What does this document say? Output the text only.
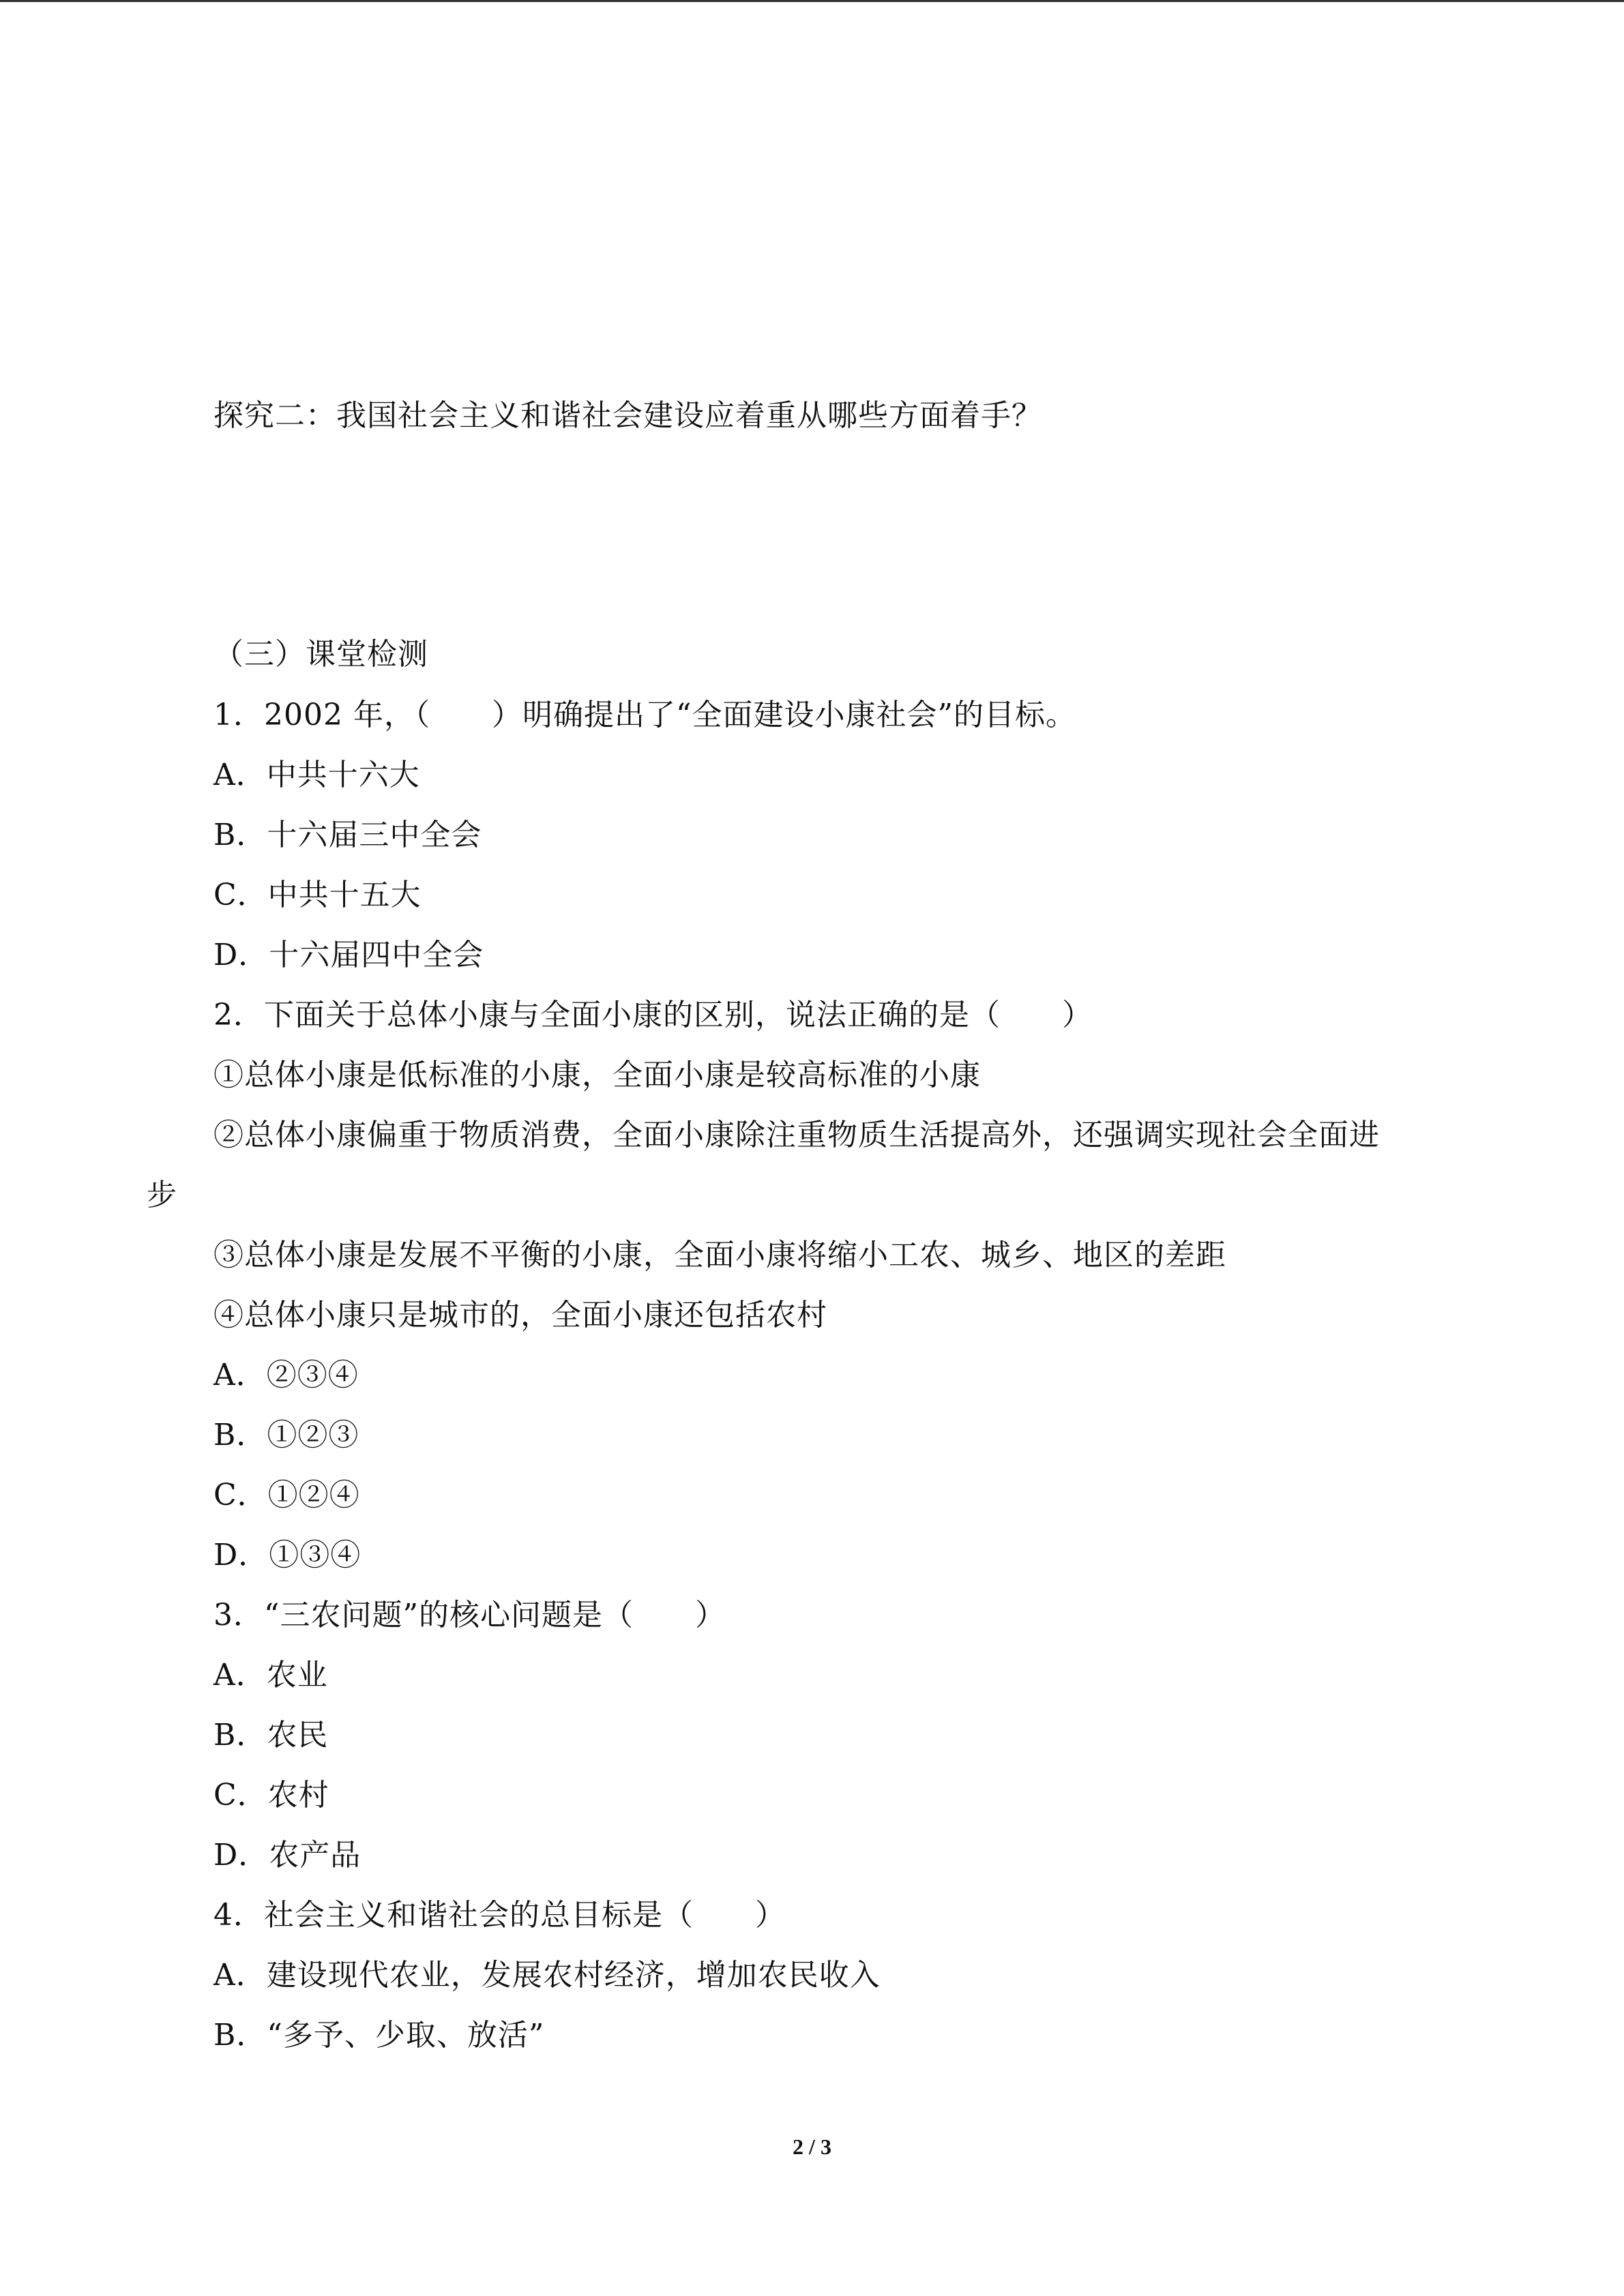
探究二：我国社会主义和谐社会建设应着重从哪些方面着手？
（三）课堂检测
1．2002 年，（　　）明确提出了“全面建设小康社会”的目标。
A．中共十六大
B．十六届三中全会
C．中共十五大
D．十六届四中全会
2．下面关于总体小康与全面小康的区别，说法正确的是（　　）
①总体小康是低标准的小康，全面小康是较高标准的小康
②总体小康偏重于物质消费，全面小康除注重物质生活提高外，还强调实现社会全面进
步
③总体小康是发展不平衡的小康，全面小康将缩小工农、城乡、地区的差距
④总体小康只是城市的，全面小康还包括农村
A．②③④
B．①②③
C．①②④
D．①③④
3．“三农问题”的核心问题是（　　）
A．农业
B．农民
C．农村
D．农产品
4．社会主义和谐社会的总目标是（　　）
A．建设现代农业，发展农村经济，增加农民收入
B．“多予、少取、放活”
2 / 3
